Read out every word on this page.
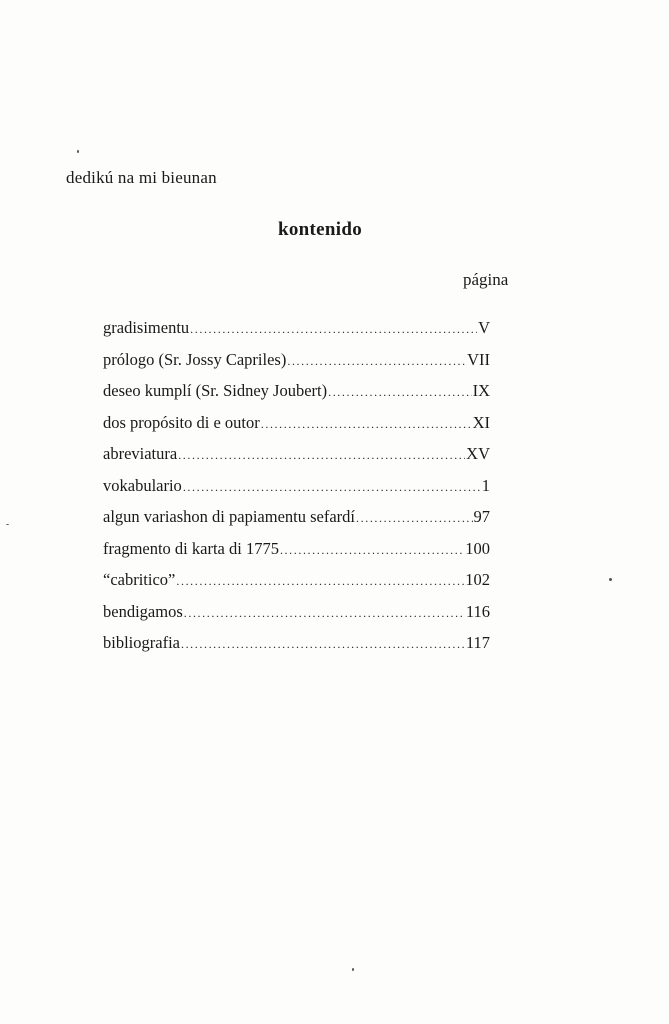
dedikú na mi bieunan
kontenido
página
gradisimentu .....	V
prólogo (Sr. Jossy Capriles) .....	VII
deseo kumplí (Sr. Sidney Joubert) .....	IX
dos propósito di e outor .....	XI
abreviatura .....	XV
vokabulario .....	1
algun variashon di papiamentu sefardí .....	97
fragmento di karta di 1775 .....	100
“cabritico” .....	102
bendigamos .....	116
bibliografia .....	117
